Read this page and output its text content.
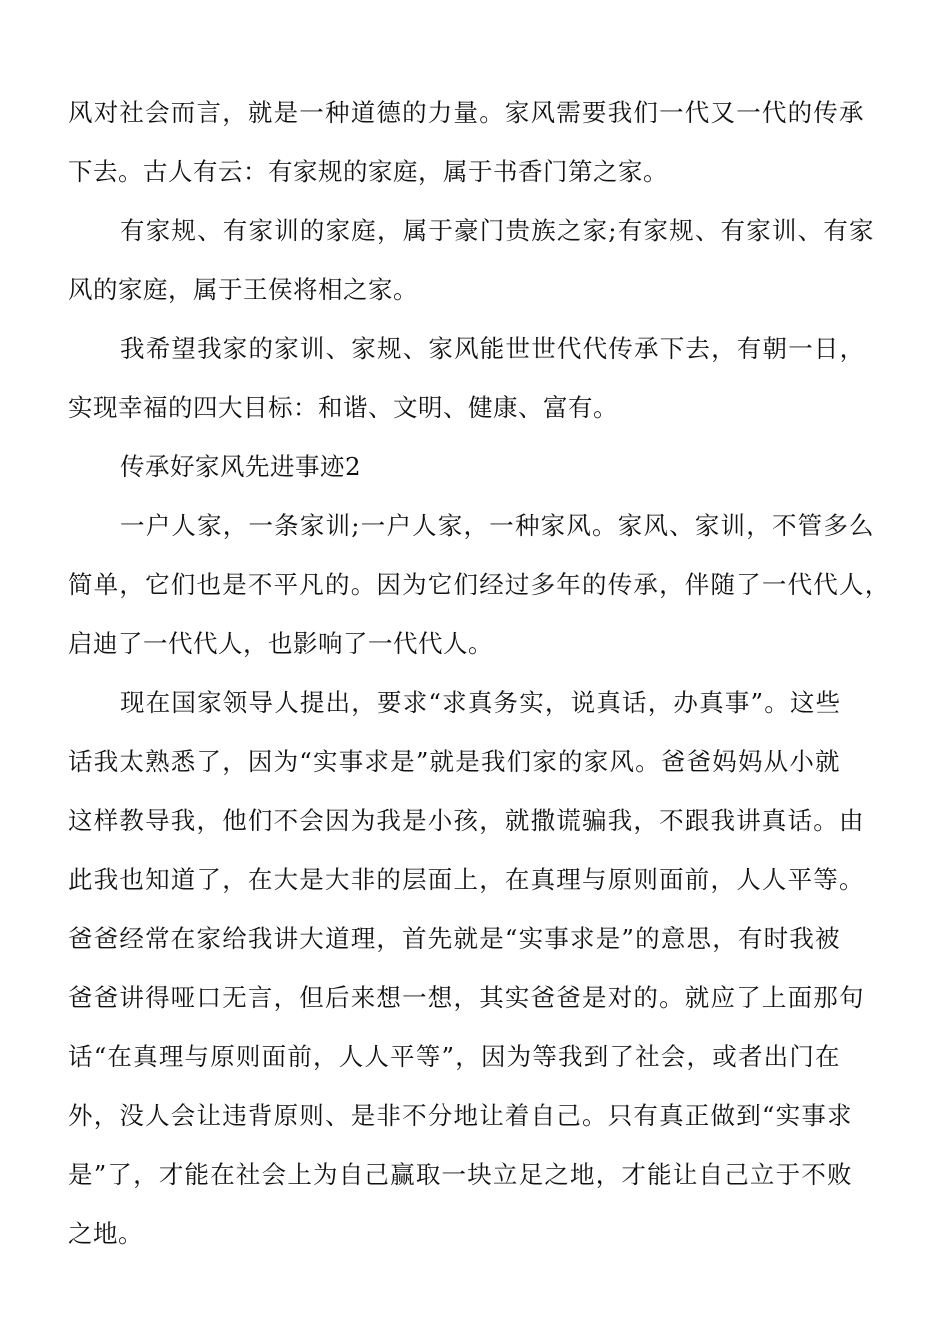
风对社会而言，就是一种道德的力量。家风需要我们一代又一代的传承
下去。古人有云：有家规的家庭，属于书香门第之家。
有家规、有家训的家庭，属于豪门贵族之家;有家规、有家训、有家
风的家庭，属于王侯将相之家。
我希望我家的家训、家规、家风能世世代代传承下去，有朝一日，
实现幸福的四大目标：和谐、文明、健康、富有。
传承好家风先进事迹2
一户人家，一条家训;一户人家，一种家风。家风、家训，不管多么
简单，它们也是不平凡的。因为它们经过多年的传承，伴随了一代代人，
启迪了一代代人，也影响了一代代人。
现在国家领导人提出，要求“求真务实，说真话，办真事”。这些
话我太熟悉了，因为“实事求是”就是我们家的家风。爸爸妈妈从小就
这样教导我，他们不会因为我是小孩，就撒谎骗我，不跟我讲真话。由
此我也知道了，在大是大非的层面上，在真理与原则面前，人人平等。
爸爸经常在家给我讲大道理，首先就是“实事求是”的意思，有时我被
爸爸讲得哑口无言，但后来想一想，其实爸爸是对的。就应了上面那句
话“在真理与原则面前，人人平等”，因为等我到了社会，或者出门在
外，没人会让违背原则、是非不分地让着自己。只有真正做到“实事求
是”了，才能在社会上为自己赢取一块立足之地，才能让自己立于不败
之地。
